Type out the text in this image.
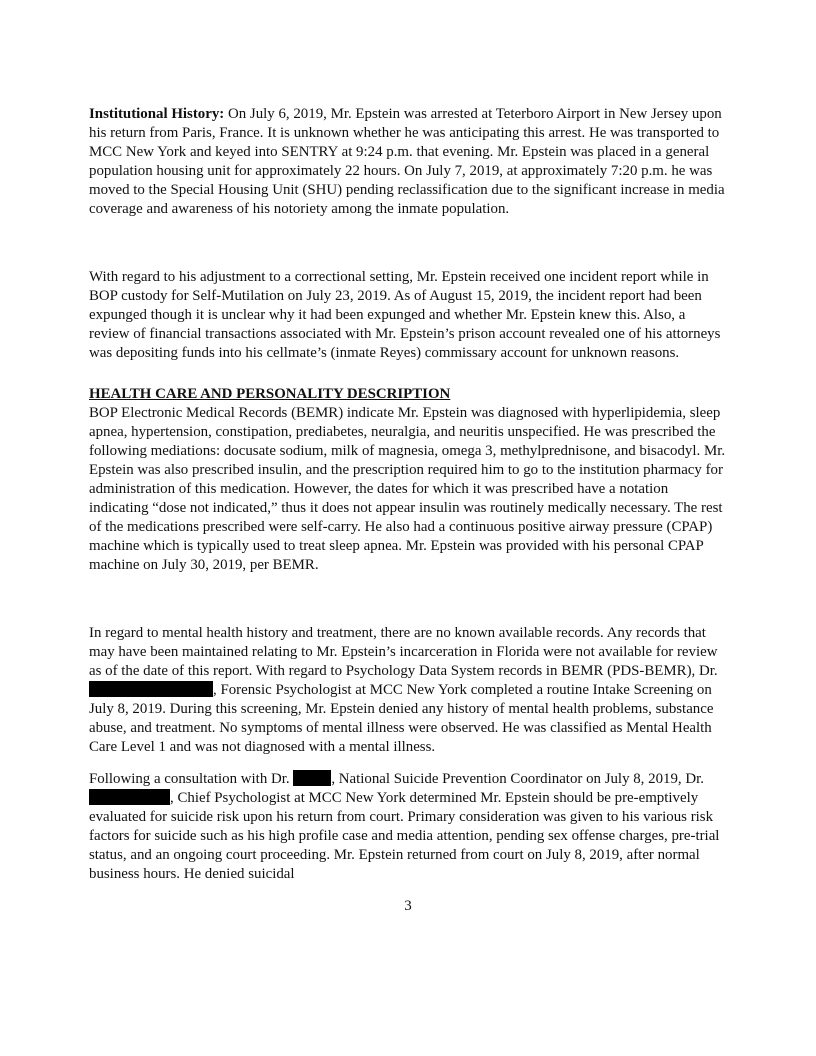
Institutional History: On July 6, 2019, Mr. Epstein was arrested at Teterboro Airport in New Jersey upon his return from Paris, France. It is unknown whether he was anticipating this arrest. He was transported to MCC New York and keyed into SENTRY at 9:24 p.m. that evening. Mr. Epstein was placed in a general population housing unit for approximately 22 hours. On July 7, 2019, at approximately 7:20 p.m. he was moved to the Special Housing Unit (SHU) pending reclassification due to the significant increase in media coverage and awareness of his notoriety among the inmate population.

With regard to his adjustment to a correctional setting, Mr. Epstein received one incident report while in BOP custody for Self-Mutilation on July 23, 2019. As of August 15, 2019, the incident report had been expunged though it is unclear why it had been expunged and whether Mr. Epstein knew this. Also, a review of financial transactions associated with Mr. Epstein’s prison account revealed one of his attorneys was depositing funds into his cellmate’s (inmate Reyes) commissary account for unknown reasons.

HEALTH CARE AND PERSONALITY DESCRIPTION

BOP Electronic Medical Records (BEMR) indicate Mr. Epstein was diagnosed with hyperlipidemia, sleep apnea, hypertension, constipation, prediabetes, neuralgia, and neuritis unspecified. He was prescribed the following mediations: docusate sodium, milk of magnesia, omega 3, methylprednisone, and bisacodyl. Mr. Epstein was also prescribed insulin, and the prescription required him to go to the institution pharmacy for administration of this medication. However, the dates for which it was prescribed have a notation indicating “dose not indicated,” thus it does not appear insulin was routinely medically necessary. The rest of the medications prescribed were self-carry. He also had a continuous positive airway pressure (CPAP) machine which is typically used to treat sleep apnea. Mr. Epstein was provided with his personal CPAP machine on July 30, 2019, per BEMR.

In regard to mental health history and treatment, there are no known available records. Any records that may have been maintained relating to Mr. Epstein’s incarceration in Florida were not available for review as of the date of this report. With regard to Psychology Data System records in BEMR (PDS-BEMR), Dr. , Forensic Psychologist at MCC New York completed a routine Intake Screening on July 8, 2019. During this screening, Mr. Epstein denied any history of mental health problems, substance abuse, and treatment. No symptoms of mental illness were observed. He was classified as Mental Health Care Level 1 and was not diagnosed with a mental illness.

Following a consultation with Dr.	, National Suicide Prevention Coordinator on July 8, 2019, Dr. , Chief Psychologist at MCC New York determined Mr. Epstein should be pre-emptively evaluated for suicide risk upon his return from court. Primary consideration was given to his various risk factors for suicide such as his high profile case and media attention, pending sex offense charges, pre-trial status, and an ongoing court proceeding. Mr. Epstein returned from court on July 8, 2019, after normal business hours. He denied suicidal

3
